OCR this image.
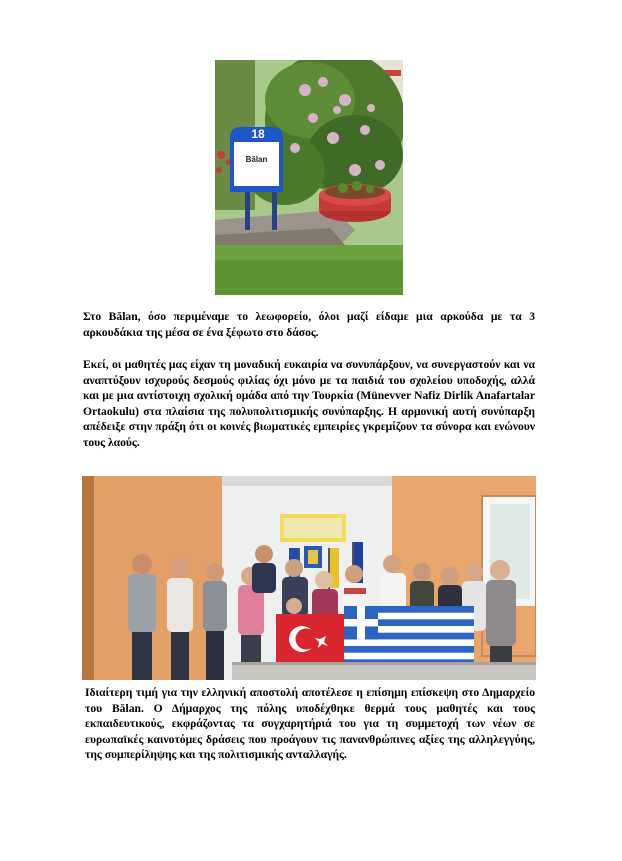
18
Bălan

Στο Bălan, όσο περιμέναμε το λεωφορείο, όλοι μαζί είδαμε μια αρκούδα με τα 3 αρκουδάκια της μέσα σε ένα ξέφωτο στο δάσος.

Εκεί, οι μαθητές μας είχαν τη μοναδική ευκαιρία να συνυπάρξουν, να συνεργαστούν και να αναπτύξουν ισχυρούς δεσμούς φιλίας όχι μόνο με τα παιδιά του σχολείου υποδοχής, αλλά και με μια αντίστοιχη σχολική ομάδα από την Τουρκία (Münevver Nafiz Dirlik Anafartalar Ortaokulu) στα πλαίσια της πολυπολιτισμικής συνύπαρξης. Η αρμονική αυτή συνύπαρξη απέδειξε στην πράξη ότι οι κοινές βιωματικές εμπειρίες γκρεμίζουν τα σύνορα και ενώνουν τους λαούς.

Ιδιαίτερη τιμή για την ελληνική αποστολή αποτέλεσε η επίσημη επίσκεψη στο Δημαρχείο του Bălan. Ο Δήμαρχος της πόλης υποδέχθηκε θερμά τους μαθητές και τους εκπαιδευτικούς, εκφράζοντας τα συγχαρητήριά του για τη συμμετοχή των νέων σε ευρωπαϊκές καινοτόμες δράσεις που προάγουν τις πανανθρώπινες αξίες της αλληλεγγύης, της συμπερίληψης και της πολιτισμικής ανταλλαγής.
